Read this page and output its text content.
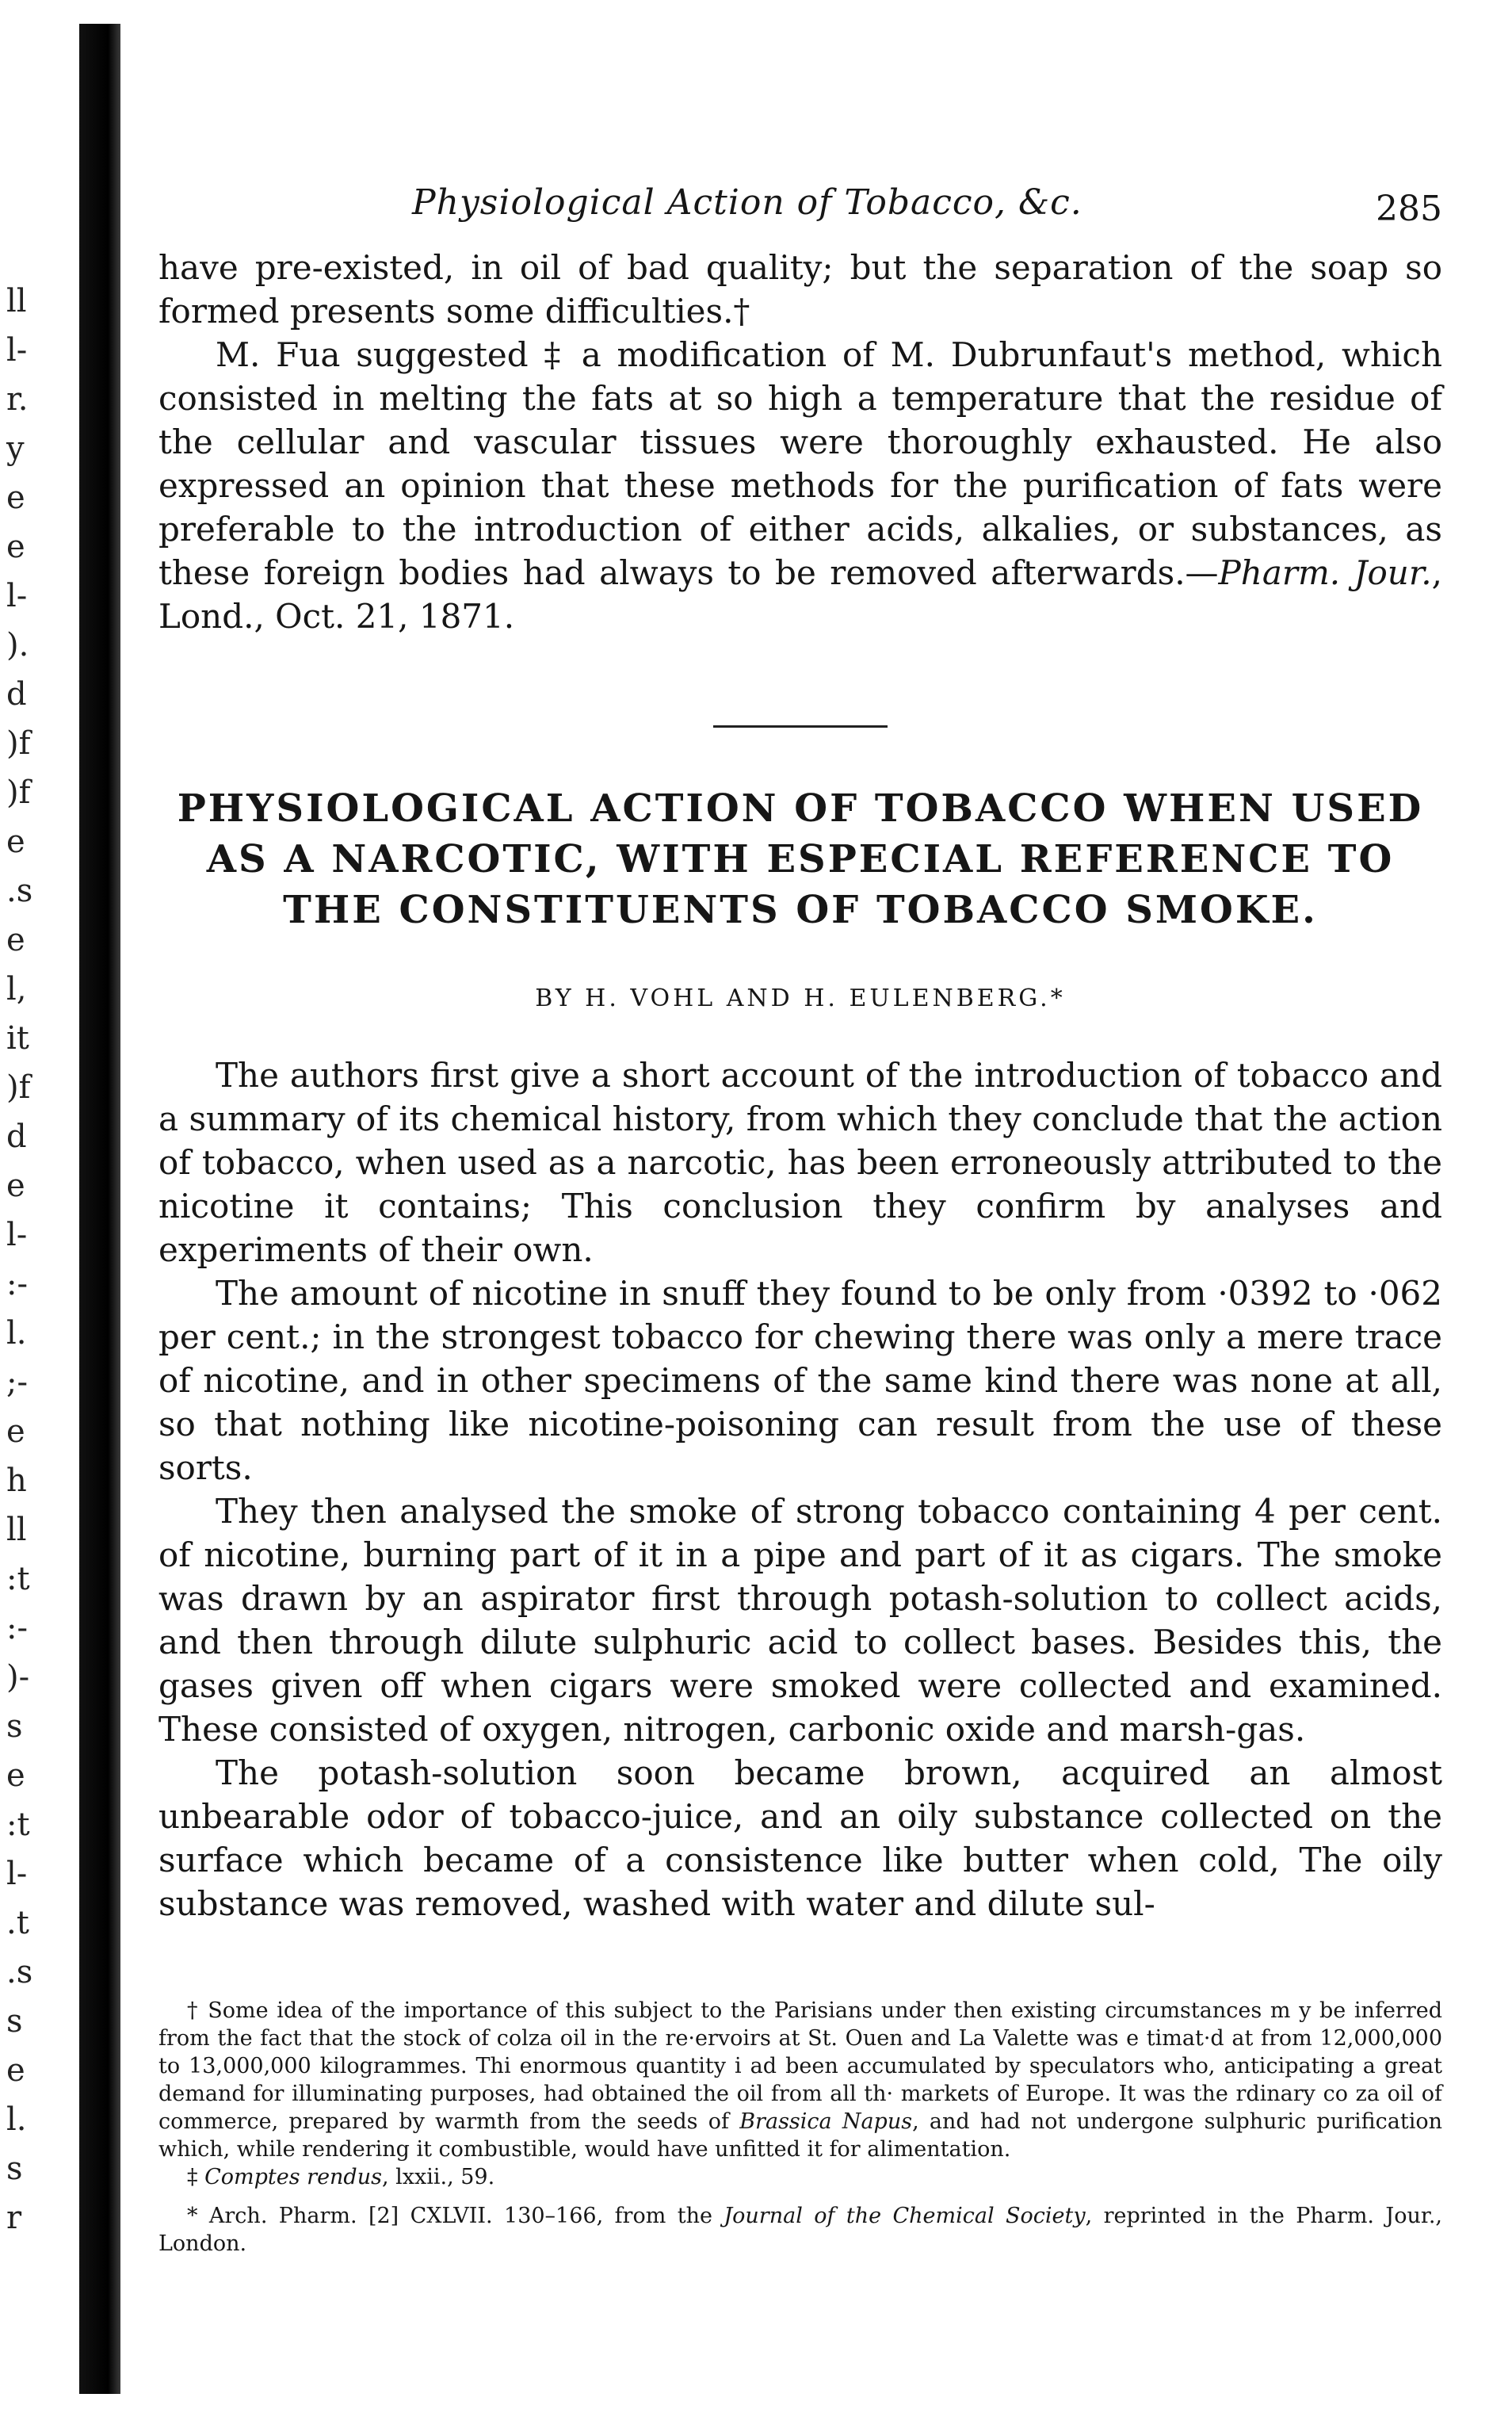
ll
l-
r.
y
e
e
l-
).
d
)f
)f
e
.s
e
l,
it
)f
d
e
l-
:-
l.
;-
e
h
ll
:t
:-
)-
s
e
:t
l-
.t
.s
s
e
l.
s
r
Physiological Action of Tobacco, &c.	285

have pre-existed, in oil of bad quality; but the separation of the soap so formed presents some difficulties.†

M. Fua suggested ‡ a modification of M. Dubrunfaut's method, which consisted in melting the fats at so high a temperature that the residue of the cellular and vascular tissues were thoroughly exhausted. He also expressed an opinion that these methods for the purification of fats were preferable to the introduction of either acids, alkalies, or substances, as these foreign bodies had always to be removed afterwards.—Pharm. Jour., Lond., Oct. 21, 1871.

PHYSIOLOGICAL ACTION OF TOBACCO WHEN USED AS A NARCOTIC, WITH ESPECIAL REFERENCE TO THE CONSTITUENTS OF TOBACCO SMOKE.
BY H. VOHL AND H. EULENBERG.*

The authors first give a short account of the introduction of tobacco and a summary of its chemical history, from which they conclude that the action of tobacco, when used as a narcotic, has been erroneously attributed to the nicotine it contains; This conclusion they confirm by analyses and experiments of their own.

The amount of nicotine in snuff they found to be only from ·0392 to ·062 per cent.; in the strongest tobacco for chewing there was only a mere trace of nicotine, and in other specimens of the same kind there was none at all, so that nothing like nicotine-poisoning can result from the use of these sorts.

They then analysed the smoke of strong tobacco containing 4 per cent. of nicotine, burning part of it in a pipe and part of it as cigars. The smoke was drawn by an aspirator first through potash-solution to collect acids, and then through dilute sulphuric acid to collect bases. Besides this, the gases given off when cigars were smoked were collected and examined. These consisted of oxygen, nitrogen, carbonic oxide and marsh-gas.

The potash-solution soon became brown, acquired an almost unbearable odor of tobacco-juice, and an oily substance collected on the surface which became of a consistence like butter when cold, The oily substance was removed, washed with water and dilute sul-

† Some idea of the importance of this subject to the Parisians under then existing circumstances m y be inferred from the fact that the stock of colza oil in the re·ervoirs at St. Ouen and La Valette was e timat·d at from 12,000,000 to 13,000,000 kilogrammes. Thi enormous quantity i ad been accumulated by speculators who, anticipating a great demand for illuminating purposes, had obtained the oil from all th· markets of Europe. It was the rdinary co za oil of commerce, prepared by warmth from the seeds of Brassica Napus, and had not undergone sulphuric purification which, while rendering it combustible, would have unfitted it for alimentation.

‡ Comptes rendus, lxxii., 59.

* Arch. Pharm. [2] CXLVII. 130–166, from the Journal of the Chemical Society, reprinted in the Pharm. Jour., London.
